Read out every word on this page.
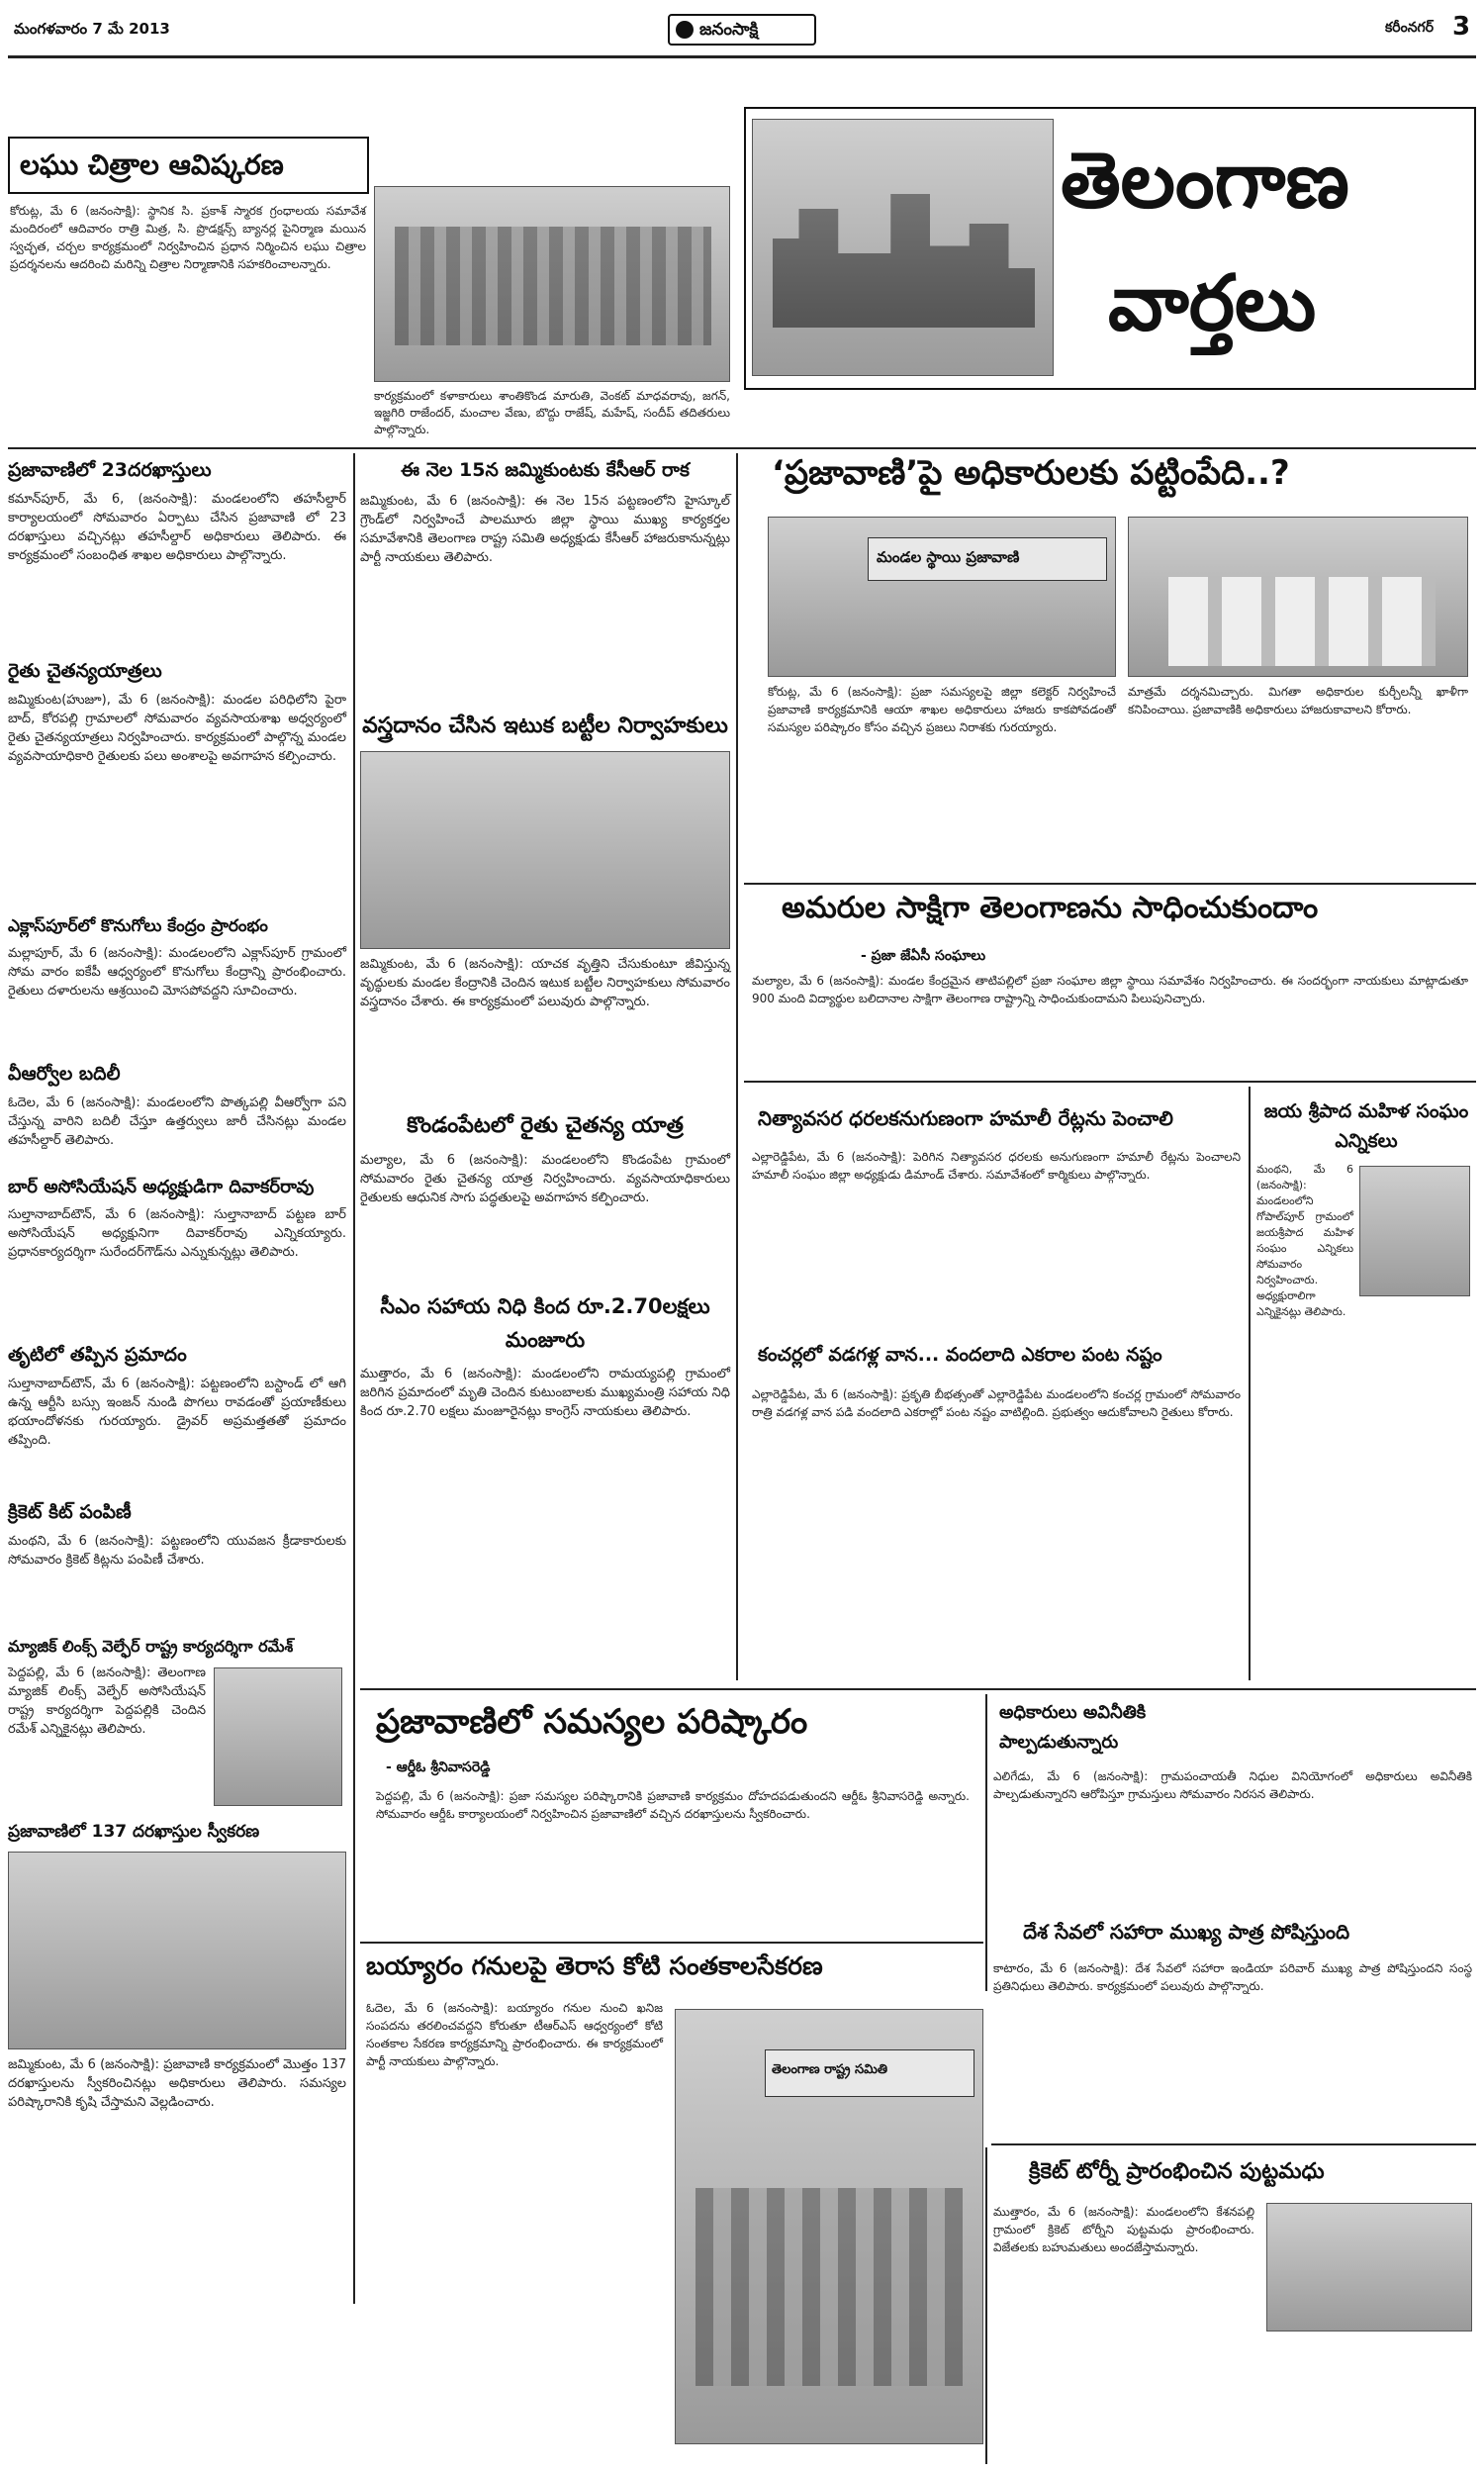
మంగళవారం 7 మే 2013	జనంసాక్షి	కరీంనగర్ 3
లఘు చిత్రాల ఆవిష్కరణ
కోరుట్ల, మే 6 (జనంసాక్షి): స్థానిక సి. ప్రకాశ్ స్మారక గ్రంధాలయ సమావేశ మందిరంలో ఆదివారం రాత్రి మిత్ర, సి. ప్రొడక్షన్స్ బ్యానర్ల పైనిర్మాణ మయిన స్వచ్ఛత, చర్చల కార్యక్రమంలో నిర్వహించిన ప్రధాన నిర్మించిన లఘు చిత్రాల ప్రదర్శనలను ఆదరించి మరిన్ని చిత్రాల నిర్మాణానికి సహకరించాలన్నారు.
కార్యక్రమంలో కళాకారులు శాంతికొండ మారుతి, వెంకట్ మాధవరావు, జగన్, ఇజ్జగిరి రాజేందర్, మంచాల వేణు, బొద్దు రాజేష్, మహేష్, సందీప్ తదితరులు పాల్గొన్నారు.
తెలంగాణ
వార్తలు
ప్రజావాణిలో 23దరఖాస్తులు
కమాన్‌పూర్, మే 6, (జనంసాక్షి): మండలంలోని తహసీల్దార్ కార్యాలయంలో సోమవారం ఏర్పాటు చేసిన ప్రజావాణి లో 23 దరఖాస్తులు వచ్చినట్లు తహసీల్దార్ అధికారులు తెలిపారు. ఈ కార్యక్రమంలో సంబంధిత శాఖల అధికారులు పాల్గొన్నారు.
రైతు చైతన్యయాత్రలు
జమ్మికుంట(హుజూ), మే 6 (జనంసాక్షి): మండల పరిధిలోని పైరా బాద్, కోరపల్లి గ్రామాలలో సోమవారం వ్యవసాయశాఖ అధ్వర్యంలో రైతు చైతన్యయాత్రలు నిర్వహించారు. కార్యక్రమంలో పాల్గొన్న మండల వ్యవసాయాధికారి రైతులకు పలు అంశాలపై అవగాహన కల్పించారు.
ఎక్లాస్‌పూర్‌లో కొనుగోలు కేంద్రం ప్రారంభం
మల్లాపూర్, మే 6 (జనంసాక్షి): మండలంలోని ఎక్లాస్‌పూర్ గ్రామంలో సోమ వారం ఐకేపీ ఆధ్వర్యంలో కొనుగోలు కేంద్రాన్ని ప్రారంభించారు. రైతులు దళారులను ఆశ్రయించి మోసపోవద్దని సూచించారు.
వీఆర్వోల బదిలీ
ఓదెల, మే 6 (జనంసాక్షి): మండలంలోని పొత్కపల్లి వీఆర్వోగా పని చేస్తున్న వారిని బదిలీ చేస్తూ ఉత్తర్వులు జారీ చేసినట్లు మండల తహసీల్దార్ తెలిపారు.
బార్ అసోసియేషన్ అధ్యక్షుడిగా దివాకర్‌రావు
సుల్తానాబాద్‌టౌన్, మే 6 (జనంసాక్షి): సుల్తానాబాద్ పట్టణ బార్ అసోసియేషన్ అధ్యక్షునిగా దివాకర్‌రావు ఎన్నికయ్యారు. ప్రధానకార్యదర్శిగా సురేందర్‌గౌడ్‌ను ఎన్నుకున్నట్లు తెలిపారు.
తృటిలో తప్పిన ప్రమాదం
సుల్తానాబాద్‌టౌన్, మే 6 (జనంసాక్షి): పట్టణంలోని బస్టాండ్ లో ఆగి ఉన్న ఆర్టీసి బస్సు ఇంజన్ నుండి పొగలు రావడంతో ప్రయాణీకులు భయాందోళనకు గురయ్యారు. డ్రైవర్ అప్రమత్తతతో ప్రమాదం తప్పింది.
క్రికెట్ కిట్ పంపిణీ
మంథని, మే 6 (జనంసాక్షి): పట్టణంలోని యువజన క్రీడాకారులకు సోమవారం క్రికెట్ కిట్లను పంపిణీ చేశారు.
మ్యాజిక్ లింక్స్ వెల్ఫేర్ రాష్ట్ర కార్యదర్శిగా రమేశ్
పెద్దపల్లి, మే 6 (జనంసాక్షి): తెలంగాణ మ్యాజిక్ లింక్స్ వెల్ఫేర్ అసోసియేషన్ రాష్ట్ర కార్యదర్శిగా పెద్దపల్లికి చెందిన రమేశ్ ఎన్నికైనట్లు తెలిపారు.
ప్రజావాణిలో 137 దరఖాస్తుల స్వీకరణ
జమ్మికుంట, మే 6 (జనంసాక్షి): ప్రజావాణి కార్యక్రమంలో మొత్తం 137 దరఖాస్తులను స్వీకరించినట్లు అధికారులు తెలిపారు. సమస్యల పరిష్కారానికి కృషి చేస్తామని వెల్లడించారు.
ఈ నెల 15న జమ్మికుంటకు కేసీఆర్ రాక
జమ్మికుంట, మే 6 (జనంసాక్షి): ఈ నెల 15న పట్టణంలోని హైస్కూల్ గ్రౌండ్‌లో నిర్వహించే పాలమూరు జిల్లా స్థాయి ముఖ్య కార్యకర్తల సమావేశానికి తెలంగాణ రాష్ట్ర సమితి అధ్యక్షుడు కేసీఆర్ హాజరుకానున్నట్లు పార్టీ నాయకులు తెలిపారు.
వస్త్రదానం చేసిన ఇటుక బట్టీల నిర్వాహకులు
జమ్మికుంట, మే 6 (జనంసాక్షి): యాచక వృత్తిని చేసుకుంటూ జీవిస్తున్న వృద్ధులకు మండల కేంద్రానికి చెందిన ఇటుక బట్టీల నిర్వాహకులు సోమవారం వస్త్రదానం చేశారు. ఈ కార్యక్రమంలో పలువురు పాల్గొన్నారు.
కొండంపేటలో రైతు చైతన్య యాత్ర
మల్యాల, మే 6 (జనంసాక్షి): మండలంలోని కొండంపేట గ్రామంలో సోమవారం రైతు చైతన్య యాత్ర నిర్వహించారు. వ్యవసాయాధికారులు రైతులకు ఆధునిక సాగు పద్ధతులపై అవగాహన కల్పించారు.
సీఎం సహాయ నిధి కింద రూ.2.70లక్షలు మంజూరు
ముత్తారం, మే 6 (జనంసాక్షి): మండలంలోని రామయ్యపల్లి గ్రామంలో జరిగిన ప్రమాదంలో మృతి చెందిన కుటుంబాలకు ముఖ్యమంత్రి సహాయ నిధి కింద రూ.2.70 లక్షలు మంజూరైనట్లు కాంగ్రెస్ నాయకులు తెలిపారు.
‘ప్రజావాణి’పై అధికారులకు పట్టింపేది..?
మండల స్థాయి ప్రజావాణి
కోరుట్ల, మే 6 (జనంసాక్షి): ప్రజా సమస్యలపై జిల్లా కలెక్టర్ నిర్వహించే ప్రజావాణి కార్యక్రమానికి ఆయా శాఖల అధికారులు హాజరు కాకపోవడంతో సమస్యల పరిష్కారం కోసం వచ్చిన ప్రజలు నిరాశకు గురయ్యారు.
మాత్రమే దర్శనమిచ్చారు. మిగతా అధికారుల కుర్చీలన్నీ ఖాళీగా కనిపించాయి. ప్రజావాణికి అధికారులు హాజరుకావాలని కోరారు.
అమరుల సాక్షిగా తెలంగాణను సాధించుకుందాం
- ప్రజా జేఏసీ సంఘాలు
మల్యాల, మే 6 (జనంసాక్షి): మండల కేంద్రమైన తాటిపల్లిలో ప్రజా సంఘాల జిల్లా స్థాయి సమావేశం నిర్వహించారు. ఈ సందర్భంగా నాయకులు మాట్లాడుతూ 900 మంది విద్యార్థుల బలిదానాల సాక్షిగా తెలంగాణ రాష్ట్రాన్ని సాధించుకుందామని పిలుపునిచ్చారు.
నిత్యావసర ధరలకనుగుణంగా హమాలీ రేట్లను పెంచాలి
ఎల్లారెడ్డిపేట, మే 6 (జనంసాక్షి): పెరిగిన నిత్యావసర ధరలకు అనుగుణంగా హమాలీ రేట్లను పెంచాలని హమాలీ సంఘం జిల్లా అధ్యక్షుడు డిమాండ్ చేశారు. సమావేశంలో కార్మికులు పాల్గొన్నారు.
కంచర్లలో వడగళ్ల వాన... వందలాది ఎకరాల పంట నష్టం
ఎల్లారెడ్డిపేట, మే 6 (జనంసాక్షి): ప్రకృతి బీభత్సంతో ఎల్లారెడ్డిపేట మండలంలోని కంచర్ల గ్రామంలో సోమవారం రాత్రి వడగళ్ల వాన పడి వందలాది ఎకరాల్లో పంట నష్టం వాటిల్లింది. ప్రభుత్వం ఆదుకోవాలని రైతులు కోరారు.
జయ శ్రీపాద మహిళ సంఘం ఎన్నికలు
మంథని, మే 6 (జనంసాక్షి): మండలంలోని గోపాల్‌పూర్ గ్రామంలో జయశ్రీపాద మహిళ సంఘం ఎన్నికలు సోమవారం నిర్వహించారు. అధ్యక్షురాలిగా ఎన్నికైనట్లు తెలిపారు.
ప్రజావాణిలో సమస్యల పరిష్కారం
- ఆర్డీఓ శ్రీనివాసరెడ్డి
పెద్దపల్లి, మే 6 (జనంసాక్షి): ప్రజా సమస్యల పరిష్కారానికి ప్రజావాణి కార్యక్రమం దోహదపడుతుందని ఆర్డీఓ శ్రీనివాసరెడ్డి అన్నారు. సోమవారం ఆర్డీఓ కార్యాలయంలో నిర్వహించిన ప్రజావాణిలో వచ్చిన దరఖాస్తులను స్వీకరించారు.
అధికారులు అవినీతికి పాల్పడుతున్నారు
ఎలిగేడు, మే 6 (జనంసాక్షి): గ్రామపంచాయతీ నిధుల వినియోగంలో అధికారులు అవినీతికి పాల్పడుతున్నారని ఆరోపిస్తూ గ్రామస్తులు సోమవారం నిరసన తెలిపారు.
దేశ సేవలో సహారా ముఖ్య పాత్ర పోషిస్తుంది
కాటారం, మే 6 (జనంసాక్షి): దేశ సేవలో సహారా ఇండియా పరివార్ ముఖ్య పాత్ర పోషిస్తుందని సంస్థ ప్రతినిధులు తెలిపారు. కార్యక్రమంలో పలువురు పాల్గొన్నారు.
బయ్యారం గనులపై తెరాస కోటి సంతకాలసేకరణ
ఓదెల, మే 6 (జనంసాక్షి): బయ్యారం గనుల నుంచి ఖనిజ సంపదను తరలించవద్దని కోరుతూ టీఆర్‌ఎస్ ఆధ్వర్యంలో కోటి సంతకాల సేకరణ కార్యక్రమాన్ని ప్రారంభించారు. ఈ కార్యక్రమంలో పార్టీ నాయకులు పాల్గొన్నారు.
తెలంగాణ రాష్ట్ర సమితి
క్రికెట్ టోర్నీ ప్రారంభించిన పుట్టమధు
ముత్తారం, మే 6 (జనంసాక్షి): మండలంలోని కేశనపల్లి గ్రామంలో క్రికెట్ టోర్నీని పుట్టమధు ప్రారంభించారు. విజేతలకు బహుమతులు అందజేస్తామన్నారు.
